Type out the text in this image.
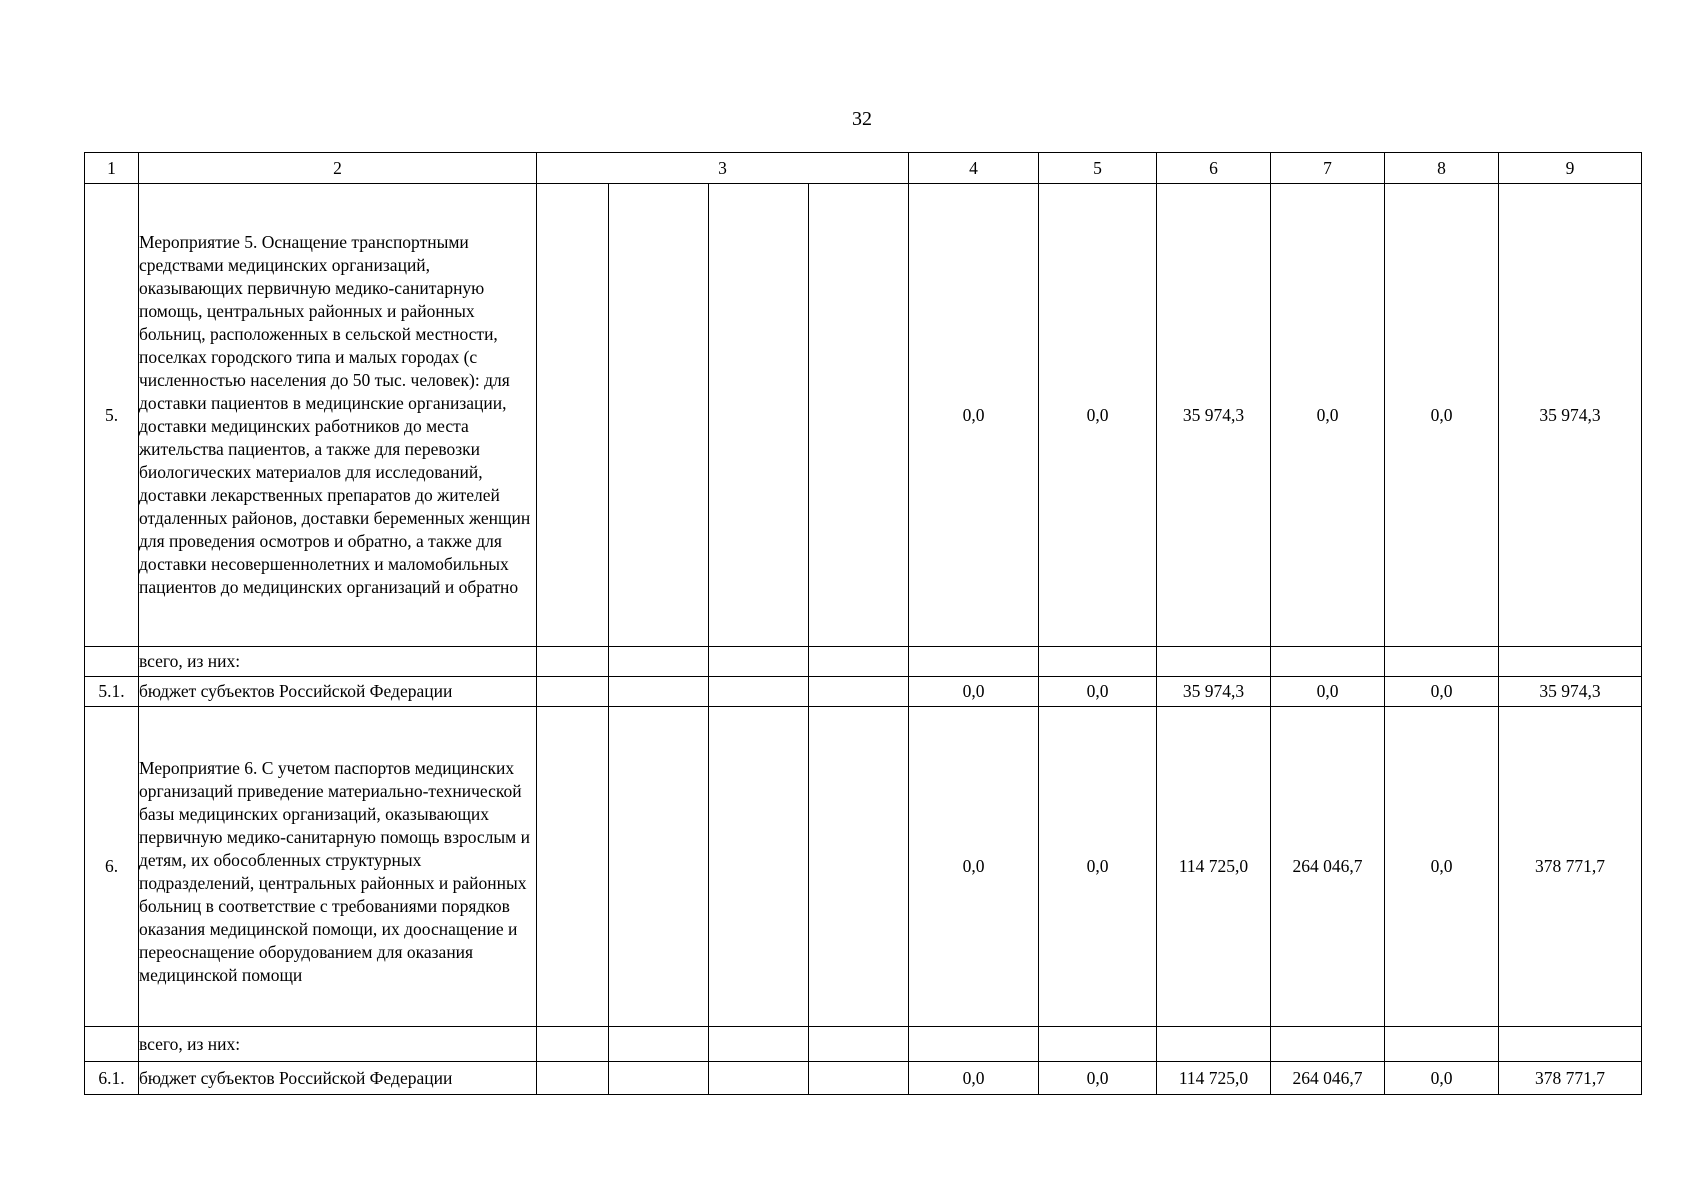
32
1	2	3				4	5	6	7	8	9
5.	Мероприятие 5. Оснащение транспортными средствами медицинских организаций, оказывающих первичную медико-санитарную помощь, центральных районных и районных больниц, расположенных в сельской местности, поселках городского типа и малых городах (с численностью населения до 50 тыс. человек): для доставки пациентов в медицинские организации, доставки медицинских работников до места жительства пациентов, а также для перевозки биологических материалов для исследований, доставки лекарственных препаратов до жителей отдаленных районов, доставки беременных женщин для проведения осмотров и обратно, а также для доставки несовершеннолетних и маломобильных пациентов до медицинских организаций и обратно					0,0	0,0	35 974,3	0,0	0,0	35 974,3
	всего, из них:										
5.1.	бюджет субъектов Российской Федерации					0,0	0,0	35 974,3	0,0	0,0	35 974,3
6.	Мероприятие 6. С учетом паспортов медицинских организаций приведение материально-технической базы медицинских организаций, оказывающих первичную медико-санитарную помощь взрослым и детям, их обособленных структурных подразделений, центральных районных и районных больниц в соответствие с требованиями порядков оказания медицинской помощи, их дооснащение и переоснащение оборудованием для оказания медицинской помощи					0,0	0,0	114 725,0	264 046,7	0,0	378 771,7
	всего, из них:										
6.1.	бюджет субъектов Российской Федерации					0,0	0,0	114 725,0	264 046,7	0,0	378 771,7
